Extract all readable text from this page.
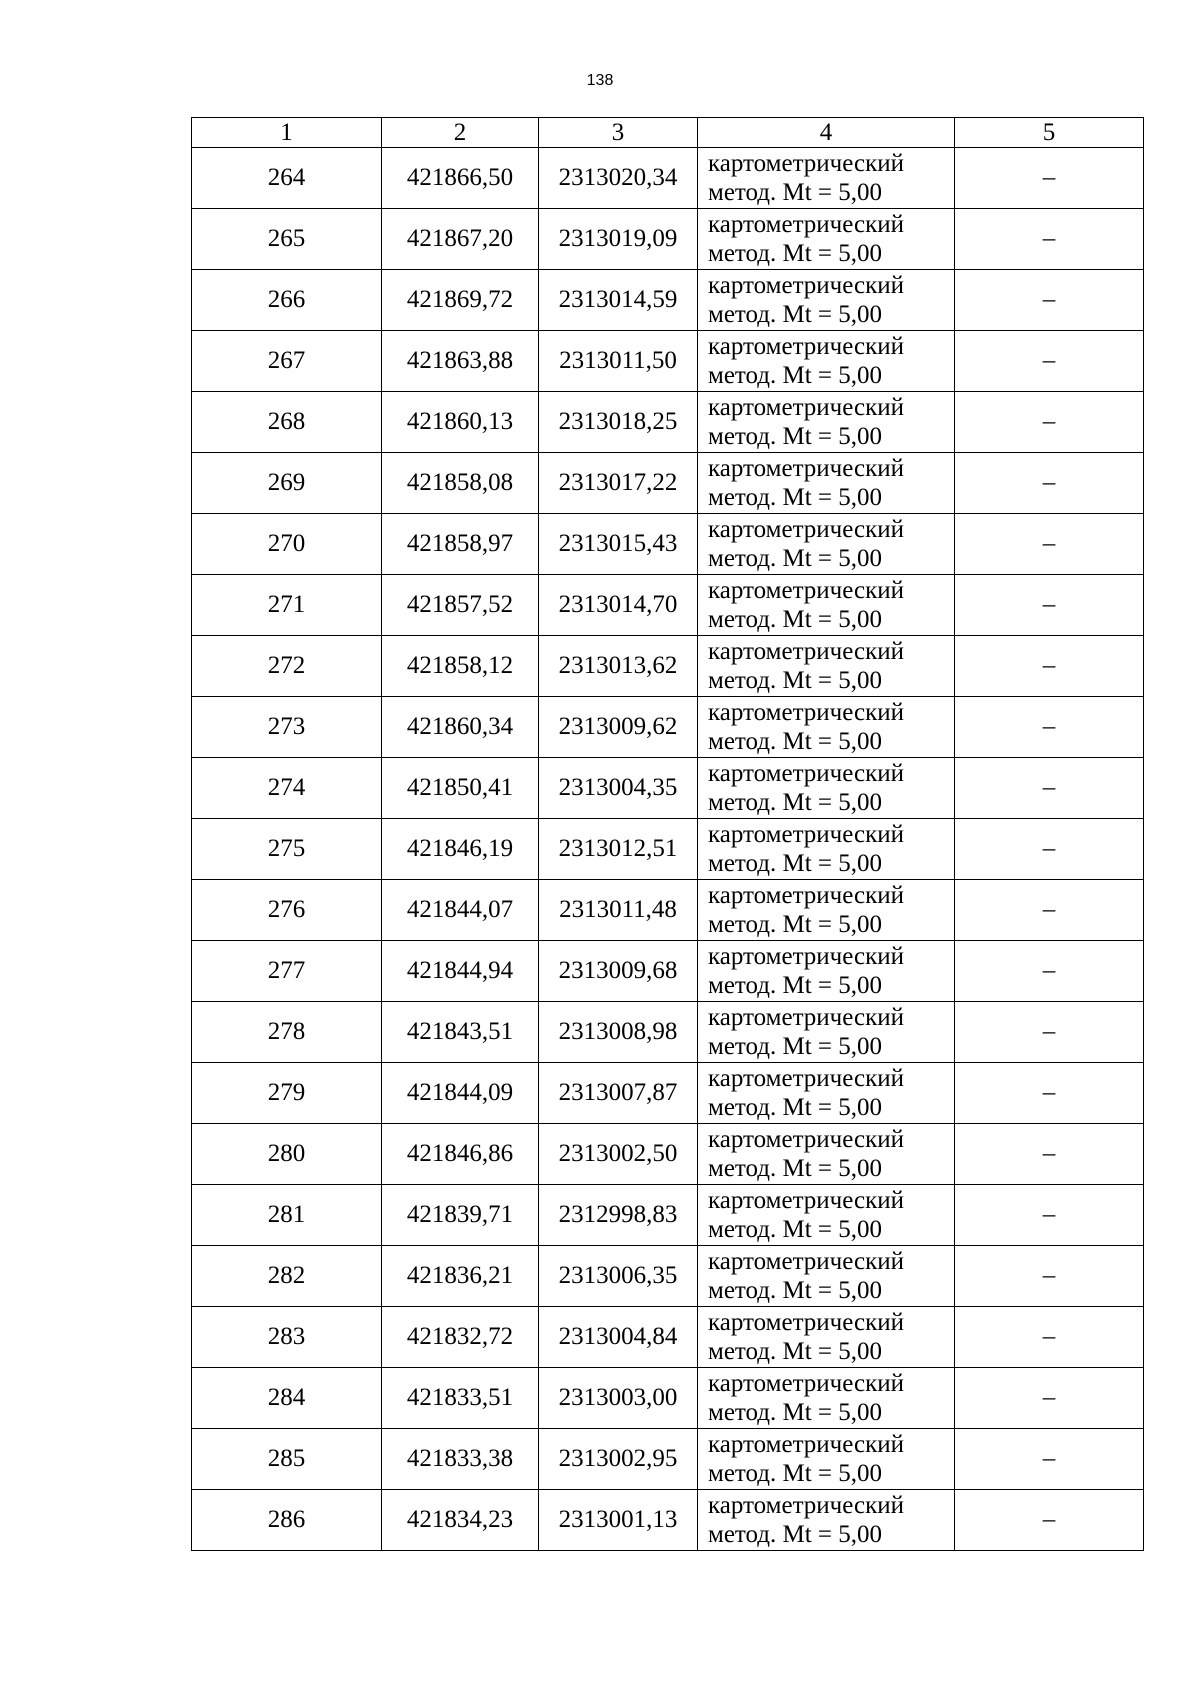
138
1	2	3	4	5
264	421866,50	2313020,34	картометрический
метод. Mt = 5,00	–
265	421867,20	2313019,09	картометрический
метод. Mt = 5,00	–
266	421869,72	2313014,59	картометрический
метод. Mt = 5,00	–
267	421863,88	2313011,50	картометрический
метод. Mt = 5,00	–
268	421860,13	2313018,25	картометрический
метод. Mt = 5,00	–
269	421858,08	2313017,22	картометрический
метод. Mt = 5,00	–
270	421858,97	2313015,43	картометрический
метод. Mt = 5,00	–
271	421857,52	2313014,70	картометрический
метод. Mt = 5,00	–
272	421858,12	2313013,62	картометрический
метод. Mt = 5,00	–
273	421860,34	2313009,62	картометрический
метод. Mt = 5,00	–
274	421850,41	2313004,35	картометрический
метод. Mt = 5,00	–
275	421846,19	2313012,51	картометрический
метод. Mt = 5,00	–
276	421844,07	2313011,48	картометрический
метод. Mt = 5,00	–
277	421844,94	2313009,68	картометрический
метод. Mt = 5,00	–
278	421843,51	2313008,98	картометрический
метод. Mt = 5,00	–
279	421844,09	2313007,87	картометрический
метод. Mt = 5,00	–
280	421846,86	2313002,50	картометрический
метод. Mt = 5,00	–
281	421839,71	2312998,83	картометрический
метод. Mt = 5,00	–
282	421836,21	2313006,35	картометрический
метод. Mt = 5,00	–
283	421832,72	2313004,84	картометрический
метод. Mt = 5,00	–
284	421833,51	2313003,00	картометрический
метод. Mt = 5,00	–
285	421833,38	2313002,95	картометрический
метод. Mt = 5,00	–
286	421834,23	2313001,13	картометрический
метод. Mt = 5,00	–
